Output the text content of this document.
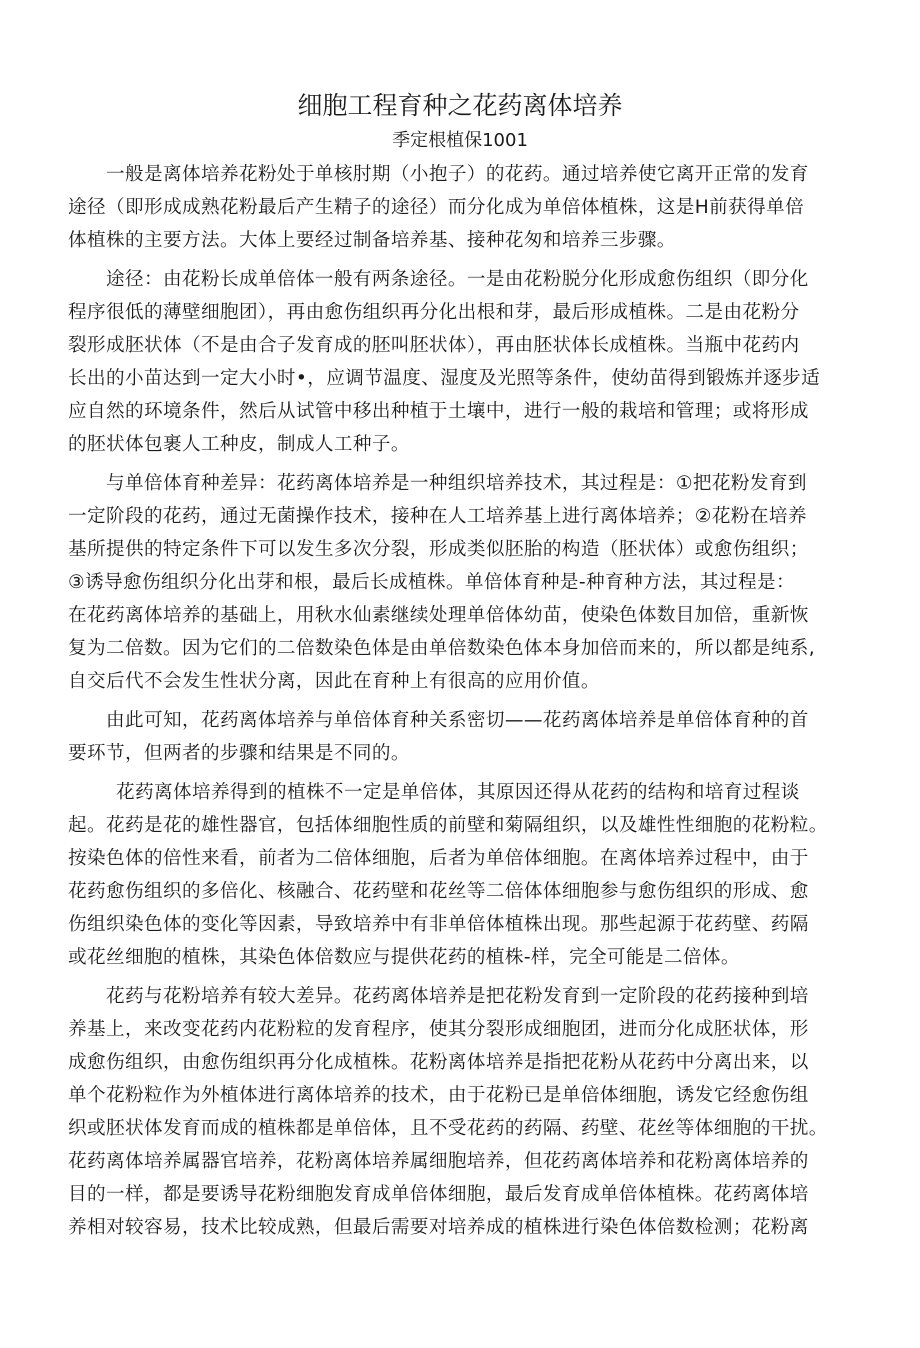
细胞工程育种之花药离体培养
季定根植保1001
一般是离体培养花粉处于单核肘期（小抱子）的花药。通过培养使它离开正常的发育
途径（即形成成熟花粉最后产生精子的途径）而分化成为单倍体植株，这是H前获得单倍
体植株的主要方法。大体上要经过制备培养基、接种花匆和培养三步骤。
途径：由花粉长成单倍体一般有两条途径。一是由花粉脱分化形成愈伤组织（即分化
程序很低的薄壁细胞团），再由愈伤组织再分化出根和芽，最后形成植株。二是由花粉分
裂形成胚状体（不是由合子发育成的胚叫胚状体），再由胚状体长成植株。当瓶中花药内
长出的小苗达到一定大小时•，应调节温度、湿度及光照等条件，使幼苗得到锻炼并逐步适
应自然的环境条件，然后从试管中移出种植于土壤中，进行一般的栽培和管理；或将形成
的胚状体包裹人工种皮，制成人工种子。
与单倍体育种差异：花药离体培养是一种组织培养技术，其过程是：①把花粉发育到
一定阶段的花药，通过无菌操作技术，接种在人工培养基上进行离体培养；②花粉在培养
基所提供的特定条件下可以发生多次分裂，形成类似胚胎的构造（胚状体）或愈伤组织；
③诱导愈伤组织分化出芽和根，最后长成植株。单倍体育种是-种育种方法，其过程是：
在花药离体培养的基础上，用秋水仙素继续处理单倍体幼苗，使染色体数目加倍，重新恢
复为二倍数。因为它们的二倍数染色体是由单倍数染色体本身加倍而来的，所以都是纯系,
自交后代不会发生性状分离，因此在育种上有很高的应用价值。
由此可知，花药离体培养与单倍体育种关系密切——花药离体培养是单倍体育种的首
要环节，但两者的步骤和结果是不同的。
花药离体培养得到的植株不一定是单倍体，其原因还得从花药的结构和培育过程谈
起。花药是花的雄性器官，包括体细胞性质的前壁和菊隔组织，以及雄性性细胞的花粉粒。
按染色体的倍性来看，前者为二倍体细胞，后者为单倍体细胞。在离体培养过程中，由于
花药愈伤组织的多倍化、核融合、花药壁和花丝等二倍体体细胞参与愈伤组织的形成、愈
伤组织染色体的变化等因素，导致培养中有非单倍体植株出现。那些起源于花药壁、药隔
或花丝细胞的植株，其染色体倍数应与提供花药的植株-样，完全可能是二倍体。
花药与花粉培养有较大差异。花药离体培养是把花粉发育到一定阶段的花药接种到培
养基上，来改变花药内花粉粒的发育程序，使其分裂形成细胞团，进而分化成胚状体，形
成愈伤组织，由愈伤组织再分化成植株。花粉离体培养是指把花粉从花药中分离出来，以
单个花粉粒作为外植体进行离体培养的技术，由于花粉已是单倍体细胞，诱发它经愈伤组
织或胚状体发育而成的植株都是单倍体，且不受花药的药隔、药壁、花丝等体细胞的干扰。
花药离体培养属器官培养，花粉离体培养属细胞培养，但花药离体培养和花粉离体培养的
目的一样，都是要诱导花粉细胞发育成单倍体细胞，最后发育成单倍体植株。花药离体培
养相对较容易，技术比较成熟，但最后需要对培养成的植株进行染色体倍数检测；花粉离
